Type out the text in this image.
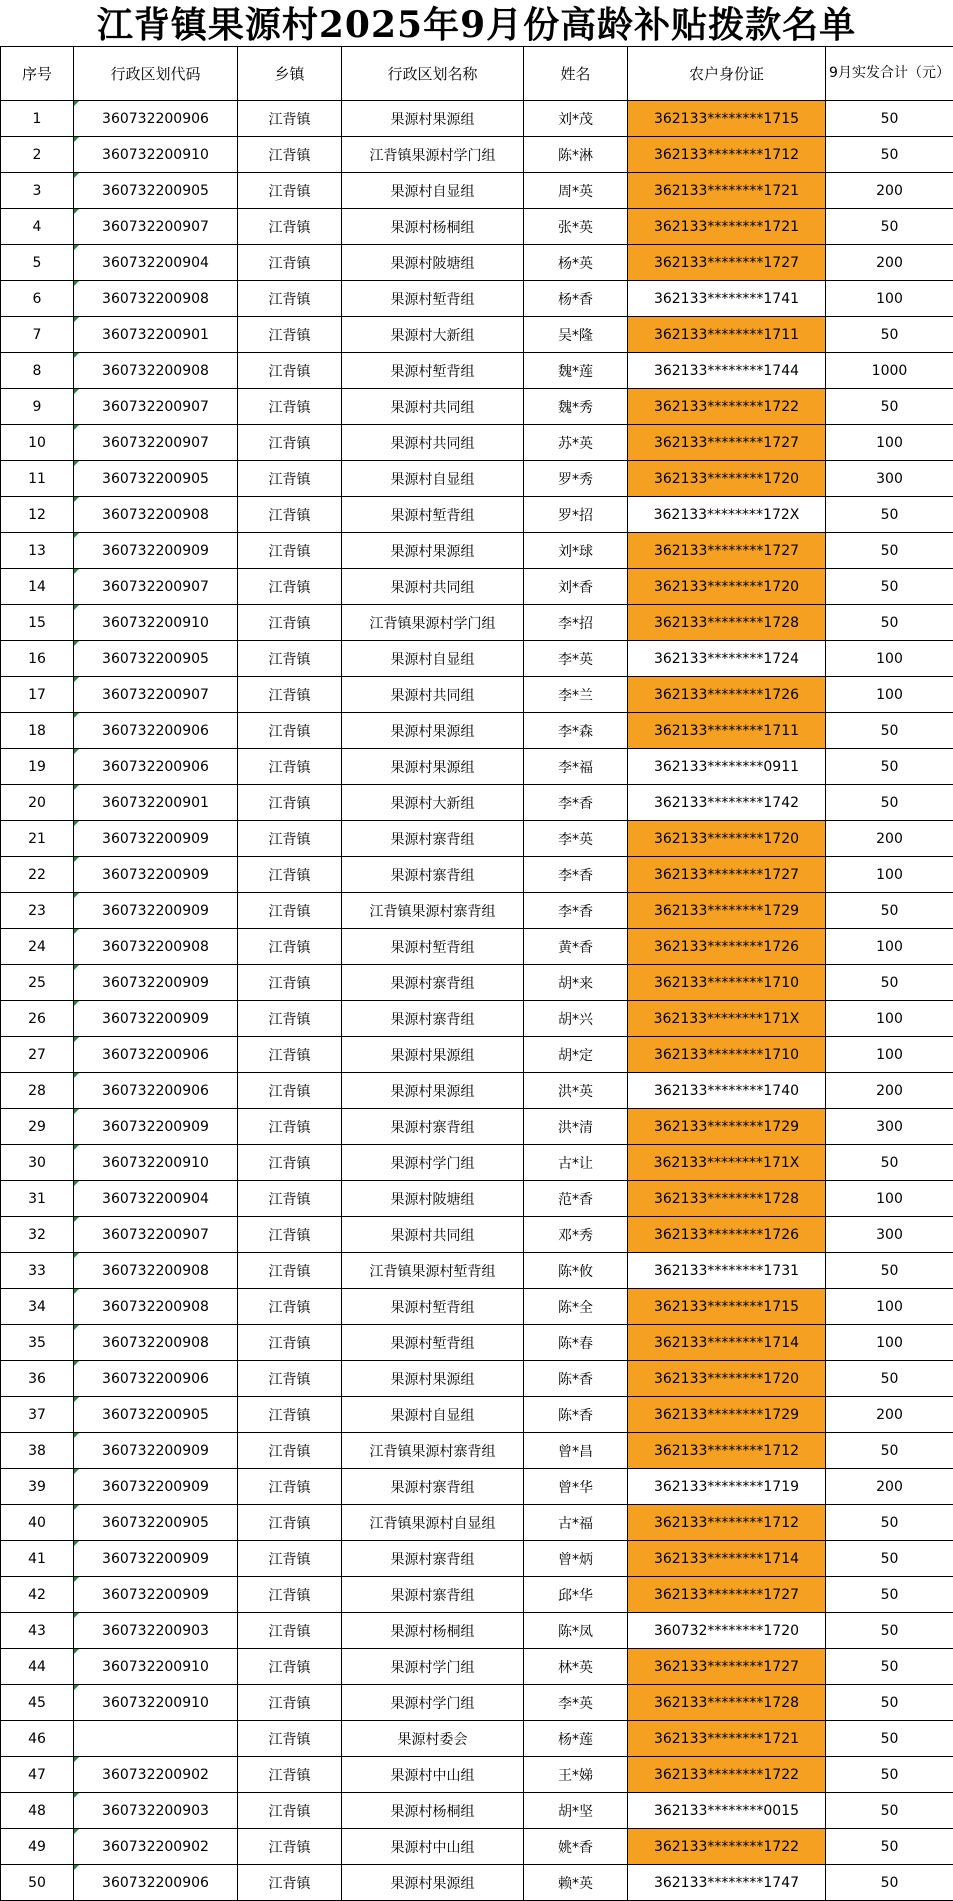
江背镇果源村2025年9月份高龄补贴拨款名单
序号	行政区划代码	乡镇	行政区划名称	姓名	农户身份证	9月实发合计（元）
1	360732200906	江背镇	果源村果源组	刘*茂	362133********1715	50
2	360732200910	江背镇	江背镇果源村学门组	陈*淋	362133********1712	50
3	360732200905	江背镇	果源村自显组	周*英	362133********1721	200
4	360732200907	江背镇	果源村杨桐组	张*英	362133********1721	50
5	360732200904	江背镇	果源村陂塘组	杨*英	362133********1727	200
6	360732200908	江背镇	果源村堑背组	杨*香	362133********1741	100
7	360732200901	江背镇	果源村大新组	吴*隆	362133********1711	50
8	360732200908	江背镇	果源村堑背组	魏*莲	362133********1744	1000
9	360732200907	江背镇	果源村共同组	魏*秀	362133********1722	50
10	360732200907	江背镇	果源村共同组	苏*英	362133********1727	100
11	360732200905	江背镇	果源村自显组	罗*秀	362133********1720	300
12	360732200908	江背镇	果源村堑背组	罗*招	362133********172X	50
13	360732200909	江背镇	果源村果源组	刘*球	362133********1727	50
14	360732200907	江背镇	果源村共同组	刘*香	362133********1720	50
15	360732200910	江背镇	江背镇果源村学门组	李*招	362133********1728	50
16	360732200905	江背镇	果源村自显组	李*英	362133********1724	100
17	360732200907	江背镇	果源村共同组	李*兰	362133********1726	100
18	360732200906	江背镇	果源村果源组	李*森	362133********1711	50
19	360732200906	江背镇	果源村果源组	李*福	362133********0911	50
20	360732200901	江背镇	果源村大新组	李*香	362133********1742	50
21	360732200909	江背镇	果源村寨背组	李*英	362133********1720	200
22	360732200909	江背镇	果源村寨背组	李*香	362133********1727	100
23	360732200909	江背镇	江背镇果源村寨背组	李*香	362133********1729	50
24	360732200908	江背镇	果源村堑背组	黄*香	362133********1726	100
25	360732200909	江背镇	果源村寨背组	胡*来	362133********1710	50
26	360732200909	江背镇	果源村寨背组	胡*兴	362133********171X	100
27	360732200906	江背镇	果源村果源组	胡*定	362133********1710	100
28	360732200906	江背镇	果源村果源组	洪*英	362133********1740	200
29	360732200909	江背镇	果源村寨背组	洪*清	362133********1729	300
30	360732200910	江背镇	果源村学门组	古*让	362133********171X	50
31	360732200904	江背镇	果源村陂塘组	范*香	362133********1728	100
32	360732200907	江背镇	果源村共同组	邓*秀	362133********1726	300
33	360732200908	江背镇	江背镇果源村堑背组	陈*攸	362133********1731	50
34	360732200908	江背镇	果源村堑背组	陈*全	362133********1715	100
35	360732200908	江背镇	果源村堑背组	陈*春	362133********1714	100
36	360732200906	江背镇	果源村果源组	陈*香	362133********1720	50
37	360732200905	江背镇	果源村自显组	陈*香	362133********1729	200
38	360732200909	江背镇	江背镇果源村寨背组	曾*昌	362133********1712	50
39	360732200909	江背镇	果源村寨背组	曾*华	362133********1719	200
40	360732200905	江背镇	江背镇果源村自显组	古*福	362133********1712	50
41	360732200909	江背镇	果源村寨背组	曾*炳	362133********1714	50
42	360732200909	江背镇	果源村寨背组	邱*华	362133********1727	50
43	360732200903	江背镇	果源村杨桐组	陈*凤	360732********1720	50
44	360732200910	江背镇	果源村学门组	林*英	362133********1727	50
45	360732200910	江背镇	果源村学门组	李*英	362133********1728	50
46		江背镇	果源村委会	杨*莲	362133********1721	50
47	360732200902	江背镇	果源村中山组	王*娣	362133********1722	50
48	360732200903	江背镇	果源村杨桐组	胡*坚	362133********0015	50
49	360732200902	江背镇	果源村中山组	姚*香	362133********1722	50
50	360732200906	江背镇	果源村果源组	赖*英	362133********1747	50
